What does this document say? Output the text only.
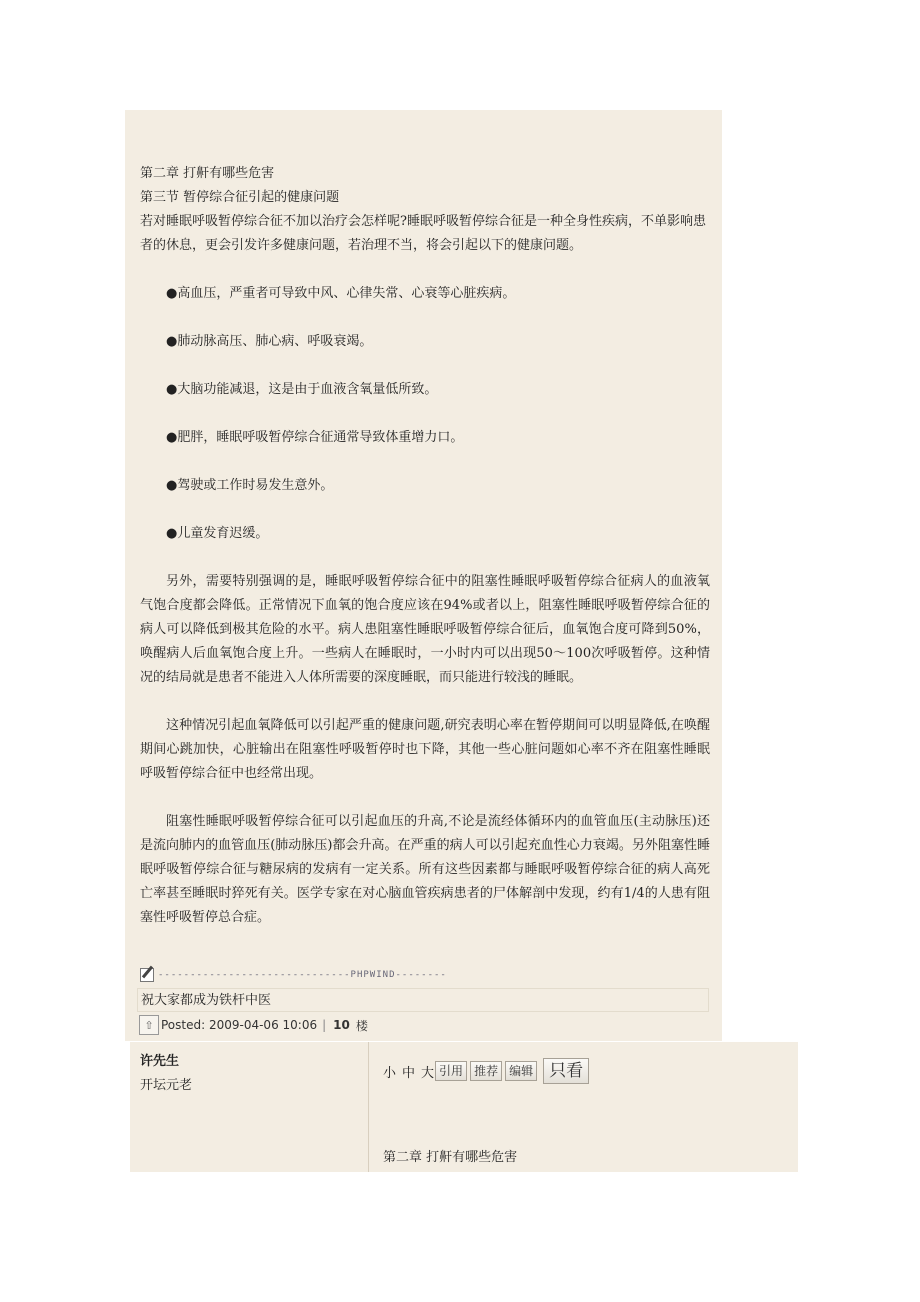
第二章 打鼾有哪些危害

第三节 暂停综合征引起的健康问题

若对睡眠呼吸暂停综合征不加以治疗会怎样呢?睡眠呼吸暂停综合征是一种全身性疾病，不单影响患者的休息，更会引发许多健康问题，若治理不当，将会引起以下的健康问题。

●高血压，严重者可导致中风、心律失常、心衰等心脏疾病。

●肺动脉高压、肺心病、呼吸衰竭。

●大脑功能减退，这是由于血液含氧量低所致。

●肥胖，睡眠呼吸暂停综合征通常导致体重增力口。

●驾驶或工作时易发生意外。

●儿童发育迟缓。

另外，需要特别强调的是，睡眠呼吸暂停综合征中的阻塞性睡眠呼吸暂停综合征病人的血液氧气饱合度都会降低。正常情况下血氧的饱合度应该在94%或者以上，阻塞性睡眠呼吸暂停综合征的病人可以降低到极其危险的水平。病人患阻塞性睡眠呼吸暂停综合征后，血氧饱合度可降到50%，唤醒病人后血氧饱合度上升。一些病人在睡眠时，一小时内可以出现50～100次呼吸暂停。这种情况的结局就是患者不能进入人体所需要的深度睡眠，而只能进行较浅的睡眠。

这种情况引起血氧降低可以引起严重的健康问题,研究表明心率在暂停期间可以明显降低,在唤醒期间心跳加快，心脏输出在阻塞性呼吸暂停时也下降，其他一些心脏问题如心率不齐在阻塞性睡眠呼吸暂停综合征中也经常出现。

阻塞性睡眠呼吸暂停综合征可以引起血压的升高,不论是流经体循环内的血管血压(主动脉压)还是流向肺内的血管血压(肺动脉压)都会升高。在严重的病人可以引起充血性心力衰竭。另外阻塞性睡眠呼吸暂停综合征与糖尿病的发病有一定关系。所有这些因素都与睡眠呼吸暂停综合征的病人高死亡率甚至睡眠时猝死有关。医学专家在对心脑血管疾病患者的尸体解剖中发现，约有1/4的人患有阻塞性呼吸暂停总合症。

------------------------------PHPWIND--------
祝大家都成为铁杆中医
⇧ Posted: 2009-04-06 10:06 | 10 楼
许先生
开坛元老
小 中 大 引用 推荐 编辑 只看
第二章 打鼾有哪些危害
